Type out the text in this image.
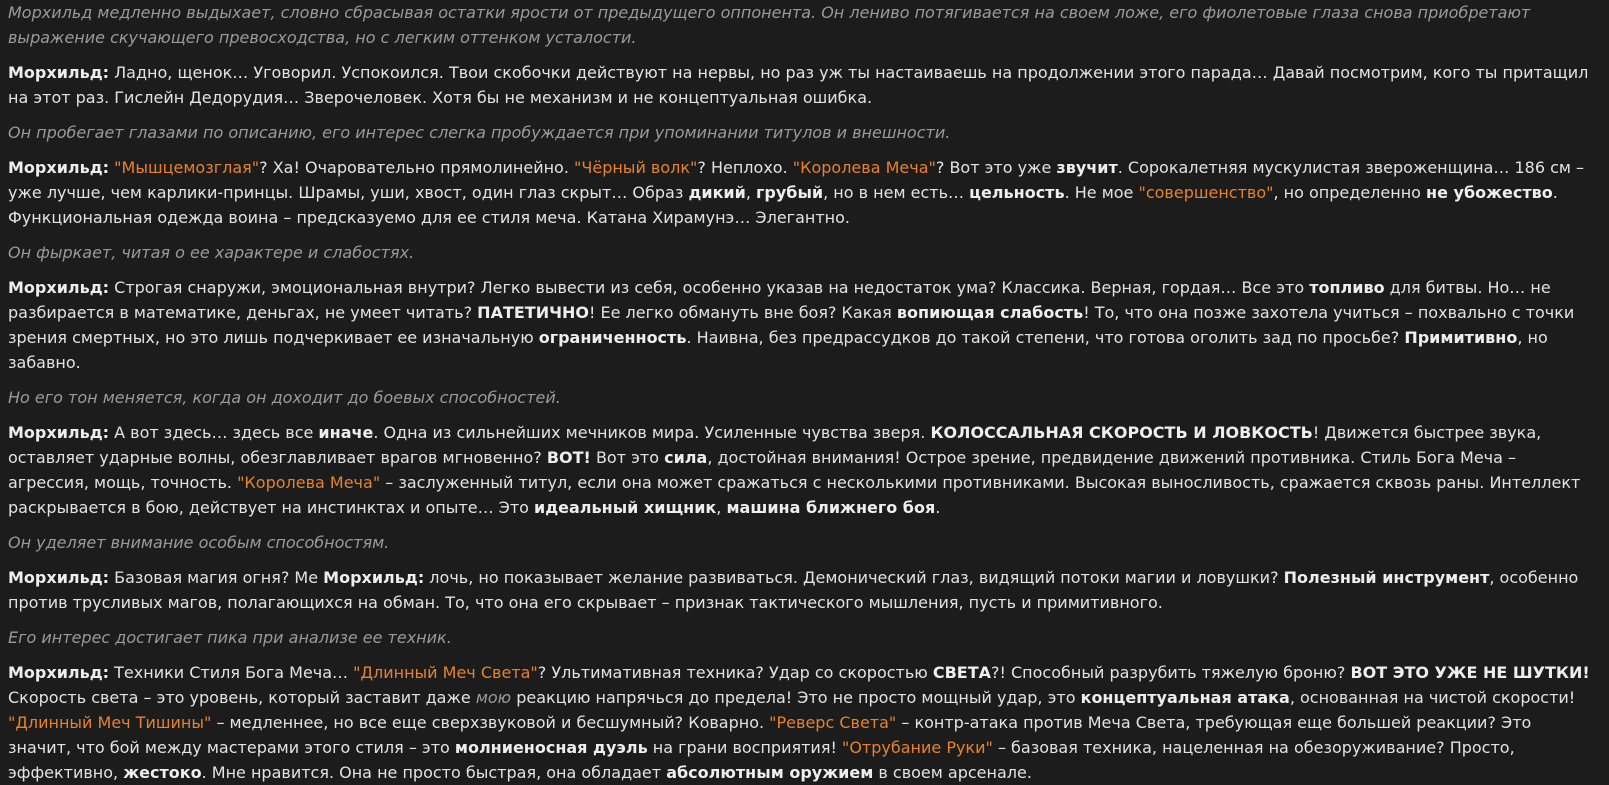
Морхильд медленно выдыхает, словно сбрасывая остатки ярости от предыдущего оппонента. Он лениво потягивается на своем ложе, его фиолетовые глаза снова приобретают выражение скучающего превосходства, но с легким оттенком усталости.

Морхильд: Ладно, щенок… Уговорил. Успокоился. Твои скобочки действуют на нервы, но раз уж ты настаиваешь на продолжении этого парада… Давай посмотрим, кого ты притащил на этот раз. Гислейн Дедорудия… Зверочеловек. Хотя бы не механизм и не концептуальная ошибка.

Он пробегает глазами по описанию, его интерес слегка пробуждается при упоминании титулов и внешности.

Морхильд: "Мышцемозглая"? Ха! Очаровательно прямолинейно. "Чёрный волк"? Неплохо. "Королева Меча"? Вот это уже звучит. Сорокалетняя мускулистая звероженщина… 186 см – уже лучше, чем карлики-принцы. Шрамы, уши, хвост, один глаз скрыт… Образ дикий, грубый, но в нем есть… цельность. Не мое "совершенство", но определенно не убожество. Функциональная одежда воина – предсказуемо для ее стиля меча. Катана Хирамунэ… Элегантно.

Он фыркает, читая о ее характере и слабостях.

Морхильд: Строгая снаружи, эмоциональная внутри? Легко вывести из себя, особенно указав на недостаток ума? Классика. Верная, гордая… Все это топливо для битвы. Но… не разбирается в математике, деньгах, не умеет читать? ПАТЕТИЧНО! Ее легко обмануть вне боя? Какая вопиющая слабость! То, что она позже захотела учиться – похвально с точки зрения смертных, но это лишь подчеркивает ее изначальную ограниченность. Наивна, без предрассудков до такой степени, что готова оголить зад по просьбе? Примитивно, но забавно.

Но его тон меняется, когда он доходит до боевых способностей.

Морхильд: А вот здесь… здесь все иначе. Одна из сильнейших мечников мира. Усиленные чувства зверя. КОЛОССАЛЬНАЯ СКОРОСТЬ И ЛОВКОСТЬ! Движется быстрее звука, оставляет ударные волны, обезглавливает врагов мгновенно? ВОТ! Вот это сила, достойная внимания! Острое зрение, предвидение движений противника. Стиль Бога Меча – агрессия, мощь, точность. "Королева Меча" – заслуженный титул, если она может сражаться с несколькими противниками. Высокая выносливость, сражается сквозь раны. Интеллект раскрывается в бою, действует на инстинктах и опыте… Это идеальный хищник, машина ближнего боя.

Он уделяет внимание особым способностям.

Морхильд: Базовая магия огня? Ме Морхильд: лочь, но показывает желание развиваться. Демонический глаз, видящий потоки магии и ловушки? Полезный инструмент, особенно против трусливых магов, полагающихся на обман. То, что она его скрывает – признак тактического мышления, пусть и примитивного.

Его интерес достигает пика при анализе ее техник.

Морхильд: Техники Стиля Бога Меча… "Длинный Меч Света"? Ультимативная техника? Удар со скоростью СВЕТА?! Способный разрубить тяжелую броню? ВОТ ЭТО УЖЕ НЕ ШУТКИ! Скорость света – это уровень, который заставит даже мою реакцию напрячься до предела! Это не просто мощный удар, это концептуальная атака, основанная на чистой скорости! "Длинный Меч Тишины" – медленнее, но все еще сверхзвуковой и бесшумный? Коварно. "Реверс Света" – контр-атака против Меча Света, требующая еще большей реакции? Это значит, что бой между мастерами этого стиля – это молниеносная дуэль на грани восприятия! "Отрубание Руки" – базовая техника, нацеленная на обезоруживание? Просто, эффективно, жестоко. Мне нравится. Она не просто быстрая, она обладает абсолютным оружием в своем арсенале.
